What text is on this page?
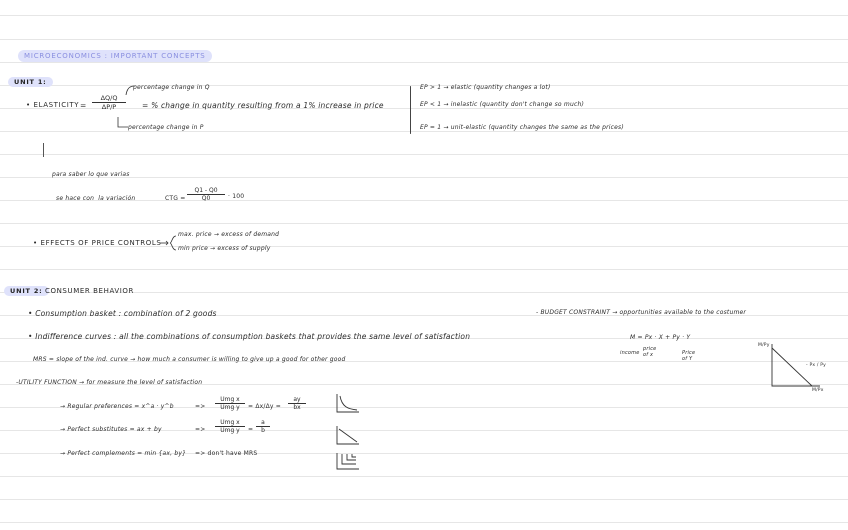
MICROECONOMICS : IMPORTANT CONCEPTS
UNIT 1:
• ELASTICITY = $\frac{\Delta Q/Q}{\Delta P/P}$
percentage change in Q
percentage change in P
= % change in quantity resulting from a 1% increase in price
EP > 1 → elastic (quantity changes a lot)
EP < 1 → inelastic (quantity don't change so much)
EP = 1 → unit-elastic (quantity changes the same as the prices)
para saber lo que varias
se hace con la variación	CTG = $\frac{Q1 - Q0}{Q0} \cdot 100$
• EFFECTS OF PRICE CONTROLS
max. price → excess of demand
min price → excess of supply
UNIT 2: CONSUMER BEHAVIOR
• Consumption basket : combination of 2 goods
• Indifference curves : all the combinations of consumption baskets that provides the same level of satisfaction
MRS = slope of the ind. curve → how much a consumer is willing to give up a good for other good
-UTILITY FUNCTION → for measure the level of satisfaction
→ Regular preferences = x^a · y^b	=>
Umg x
Umg y	= $\Delta x/\Delta y = \frac{ay}{bx}$
→ Perfect substitutes = ax + by	=>
Umg x
Umg y	= $\frac{a}{b}$
→ Perfect complements = min {ax, by} => don't have MRS
- BUDGET CONSTRAINT → opportunities available to the costumer
M = Px · X + Py · Y
income
price of x	Price of Y
M/Py
M/Px
- Px / Py
